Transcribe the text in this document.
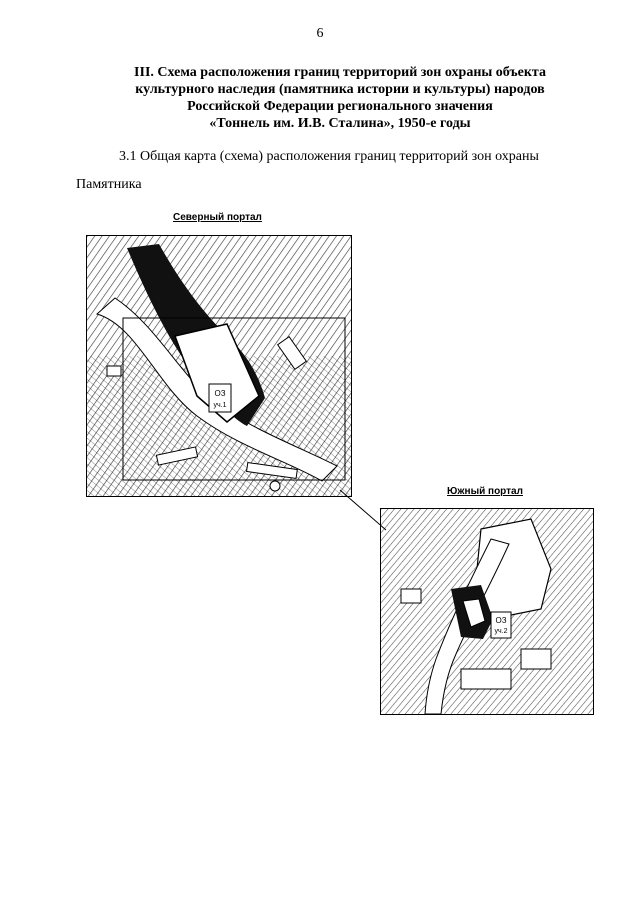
6
III. Схема расположения границ территорий зон охраны объекта
культурного наследия (памятника истории и культуры) народов
Российской Федерации регионального значения
«Тоннель им. И.В. Сталина», 1950-е годы
3.1 Общая карта (схема) расположения границ территорий зон охраны
Памятника
Северный портал
Южный портал
ОЗ
уч.1
ОЗ
уч.2
